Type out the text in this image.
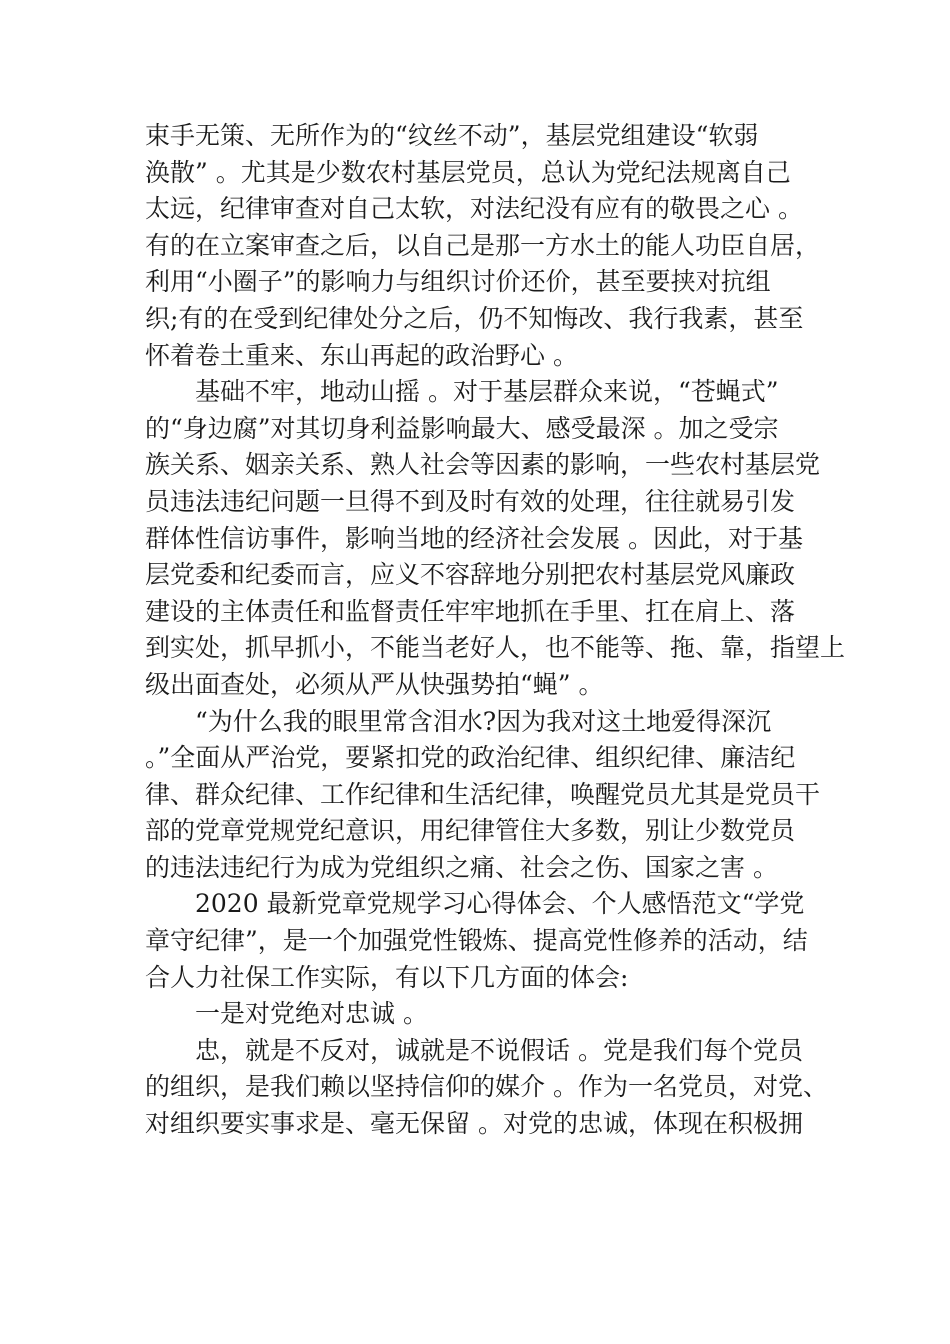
束手无策、无所作为的“纹丝不动”，基层党组建设“软弱
涣散” 。尤其是少数农村基层党员，总认为党纪法规离自己
太远，纪律审查对自己太软，对法纪没有应有的敬畏之心 。
有的在立案审查之后，以自己是那一方水土的能人功臣自居，
利用“小圈子”的影响力与组织讨价还价，甚至要挟对抗组
织;有的在受到纪律处分之后，仍不知悔改、我行我素，甚至
怀着卷土重来、东山再起的政治野心 。
基础不牢，地动山摇 。对于基层群众来说，“苍蝇式”
的“身边腐”对其切身利益影响最大、感受最深 。加之受宗
族关系、姻亲关系、熟人社会等因素的影响，一些农村基层党
员违法违纪问题一旦得不到及时有效的处理，往往就易引发
群体性信访事件，影响当地的经济社会发展 。因此，对于基
层党委和纪委而言，应义不容辞地分别把农村基层党风廉政
建设的主体责任和监督责任牢牢地抓在手里、扛在肩上、落
到实处，抓早抓小，不能当老好人，也不能等、拖、靠，指望上
级出面查处，必须从严从快强势拍“蝇” 。
“为什么我的眼里常含泪水?因为我对这土地爱得深沉
。”全面从严治党，要紧扣党的政治纪律、组织纪律、廉洁纪
律、群众纪律、工作纪律和生活纪律，唤醒党员尤其是党员干
部的党章党规党纪意识，用纪律管住大多数，别让少数党员
的违法违纪行为成为党组织之痛、社会之伤、国家之害 。
2020 最新党章党规学习心得体会、个人感悟范文“学党
章守纪律”，是一个加强党性锻炼、提高党性修养的活动，结
合人力社保工作实际，有以下几方面的体会:
一是对党绝对忠诚 。
忠，就是不反对，诚就是不说假话 。党是我们每个党员
的组织，是我们赖以坚持信仰的媒介 。作为一名党员，对党、
对组织要实事求是、毫无保留 。对党的忠诚，体现在积极拥
